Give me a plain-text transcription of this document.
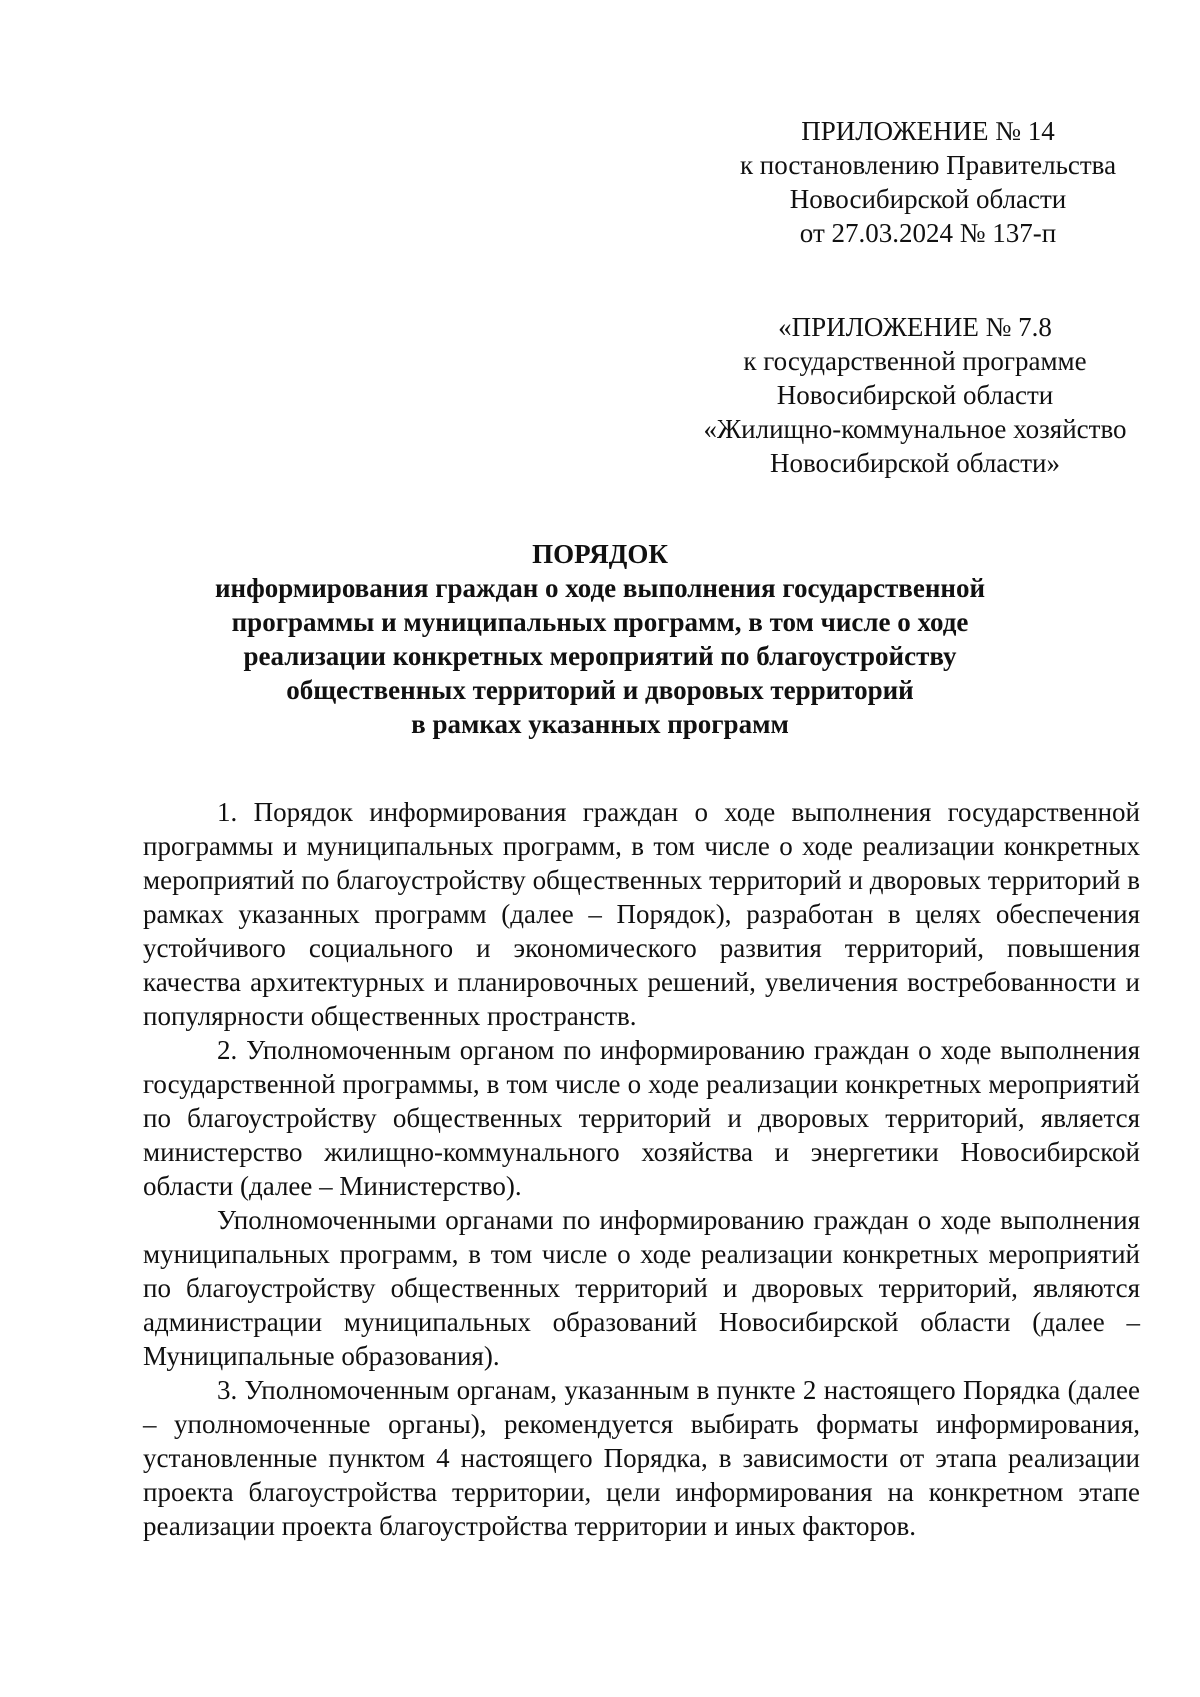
ПРИЛОЖЕНИЕ № 14
к постановлению Правительства
Новосибирской области
от 27.03.2024 № 137-п
«ПРИЛОЖЕНИЕ № 7.8
к государственной программе
Новосибирской области
«Жилищно-коммунальное хозяйство
Новосибирской области»
ПОРЯДОК
информирования граждан о ходе выполнения государственной
программы и муниципальных программ, в том числе о ходе
реализации конкретных мероприятий по благоустройству
общественных территорий и дворовых территорий
в рамках указанных программ

1. Порядок информирования граждан о ходе выполнения государственной программы и муниципальных программ, в том числе о ходе реализации конкретных мероприятий по благоустройству общественных территорий и дворовых территорий в рамках указанных программ (далее – Порядок), разработан в целях обеспечения устойчивого социального и экономического развития территорий, повышения качества архитектурных и планировочных решений, увеличения востребованности и популярности общественных пространств.

2. Уполномоченным органом по информированию граждан о ходе выполнения государственной программы, в том числе о ходе реализации конкретных мероприятий по благоустройству общественных территорий и дворовых территорий, является министерство жилищно-коммунального хозяйства и энергетики Новосибирской области (далее – Министерство).

Уполномоченными органами по информированию граждан о ходе выполнения муниципальных программ, в том числе о ходе реализации конкретных мероприятий по благоустройству общественных территорий и дворовых территорий, являются администрации муниципальных образований Новосибирской области (далее – Муниципальные образования).

3. Уполномоченным органам, указанным в пункте 2 настоящего Порядка (далее – уполномоченные органы), рекомендуется выбирать форматы информирования, установленные пунктом 4 настоящего Порядка, в зависимости от этапа реализации проекта благоустройства территории, цели информирования на конкретном этапе реализации проекта благоустройства территории и иных факторов.
